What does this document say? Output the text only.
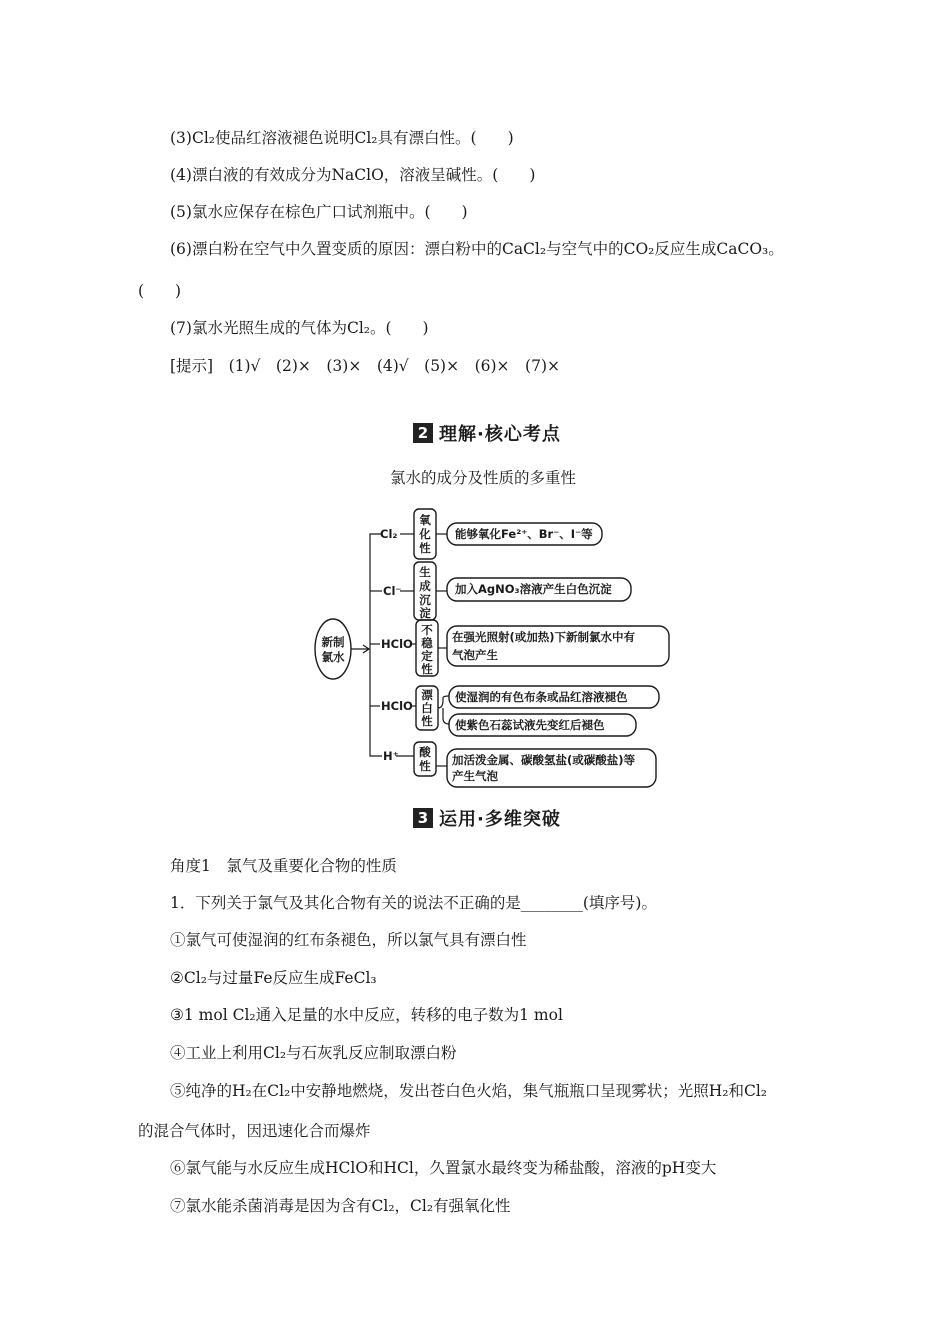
(3)Cl₂使品红溶液褪色说明Cl₂具有漂白性。(　　)
(4)漂白液的有效成分为NaClO，溶液呈碱性。(　　)
(5)氯水应保存在棕色广口试剂瓶中。(　　)
(6)漂白粉在空气中久置变质的原因：漂白粉中的CaCl₂与空气中的CO₂反应生成CaCO₃。
(　　)
(7)氯水光照生成的气体为Cl₂。(　　)
[提示]　(1)√　(2)×　(3)×　(4)√　(5)×　(6)×　(7)×
2 理解·核心考点
氯水的成分及性质的多重性
新制
氯水
Cl₂
Cl⁻
HClO
HClO
H⁺
氧
化
性
生
成
沉
淀
不
稳
定
性
漂
白
性
酸
性
能够氧化Fe²⁺、Br⁻、I⁻等
加入AgNO₃溶液产生白色沉淀
在强光照射(或加热)下新制氯水中有
气泡产生
使湿润的有色布条或品红溶液褪色
使紫色石蕊试液先变红后褪色
加活泼金属、碳酸氢盐(或碳酸盐)等
产生气泡
3 运用·多维突破
角度1　氯气及重要化合物的性质
1．下列关于氯气及其化合物有关的说法不正确的是________(填序号)。
①氯气可使湿润的红布条褪色，所以氯气具有漂白性
②Cl₂与过量Fe反应生成FeCl₃
③1 mol Cl₂通入足量的水中反应，转移的电子数为1 mol
④工业上利用Cl₂与石灰乳反应制取漂白粉
⑤纯净的H₂在Cl₂中安静地燃烧，发出苍白色火焰，集气瓶瓶口呈现雾状；光照H₂和Cl₂
的混合气体时，因迅速化合而爆炸
⑥氯气能与水反应生成HClO和HCl，久置氯水最终变为稀盐酸，溶液的pH变大
⑦氯水能杀菌消毒是因为含有Cl₂，Cl₂有强氧化性
